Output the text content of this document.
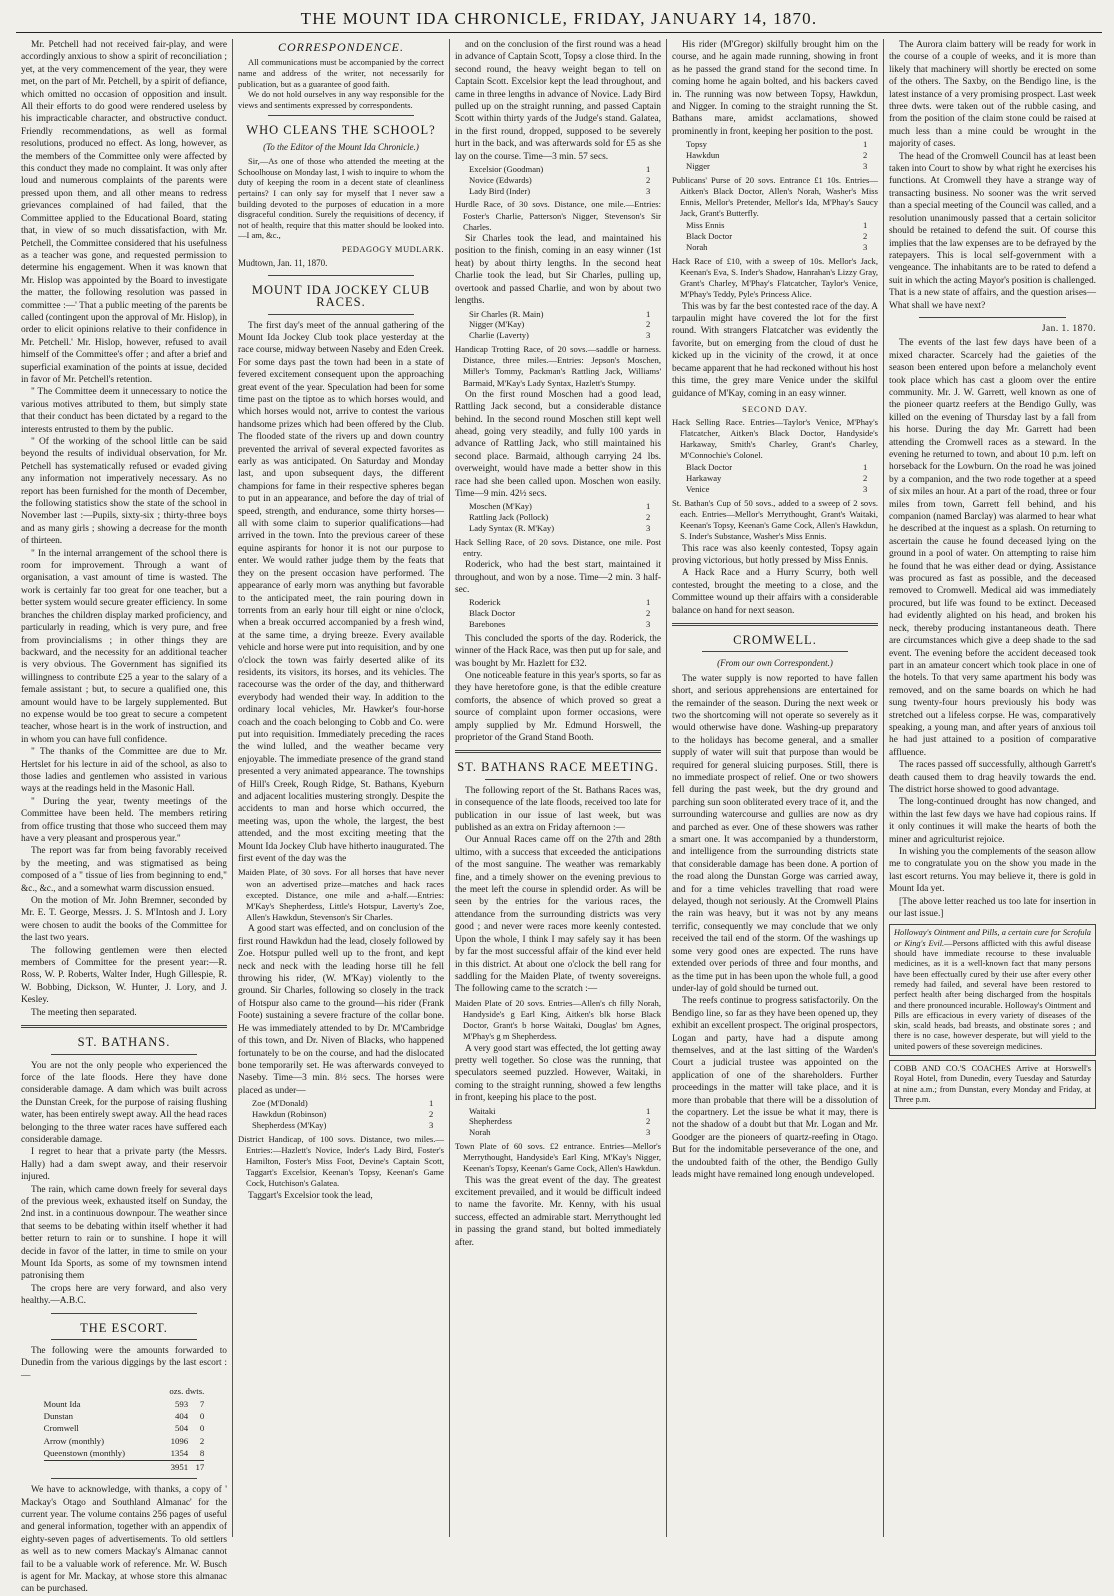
THE MOUNT IDA CHRONICLE, FRIDAY, JANUARY 14, 1870.

Mr. Petchell had not received fair-play, and were accordingly anxious to show a spirit of reconciliation ; yet, at the very commencement of the year, they were met, on the part of Mr. Petchell, by a spirit of defiance, which omitted no occasion of opposition and insult. All their efforts to do good were rendered useless by his impracticable character, and obstructive conduct. Friendly recommendations, as well as formal resolutions, produced no effect. As long, however, as the members of the Committee only were affected by this conduct they made no complaint. It was only after loud and numerous complaints of the parents were pressed upon them, and all other means to redress grievances complained of had failed, that the Committee applied to the Educational Board, stating that, in view of so much dissatisfaction, with Mr. Petchell, the Committee considered that his usefulness as a teacher was gone, and requested permission to determine his engagement. When it was known that Mr. Hislop was appointed by the Board to investigate the matter, the following resolution was passed in committee :—' That a public meeting of the parents be called (contingent upon the approval of Mr. Hislop), in order to elicit opinions relative to their confidence in Mr. Petchell.' Mr. Hislop, however, refused to avail himself of the Committee's offer ; and after a brief and superficial examination of the points at issue, decided in favor of Mr. Petchell's retention.

" The Committee deem it unnecessary to notice the various motives attributed to them, but simply state that their conduct has been dictated by a regard to the interests entrusted to them by the public.

" Of the working of the school little can be said beyond the results of individual observation, for Mr. Petchell has systematically refused or evaded giving any information not imperatively necessary. As no report has been furnished for the month of December, the following statistics show the state of the school in November last :—Pupils, sixty-six ; thirty-three boys and as many girls ; showing a decrease for the month of thirteen.

" In the internal arrangement of the school there is room for improvement. Through a want of organisation, a vast amount of time is wasted. The work is certainly far too great for one teacher, but a better system would secure greater efficiency. In some branches the children display marked proficiency, and particularly in reading, which is very pure, and free from provincialisms ; in other things they are backward, and the necessity for an additional teacher is very obvious. The Government has signified its willingness to contribute £25 a year to the salary of a female assistant ; but, to secure a qualified one, this amount would have to be largely supplemented. But no expense would be too great to secure a competent teacher, whose heart is in the work of instruction, and in whom you can have full confidence.

" The thanks of the Committee are due to Mr. Hertslet for his lecture in aid of the school, as also to those ladies and gentlemen who assisted in various ways at the readings held in the Masonic Hall.

" During the year, twenty meetings of the Committee have been held. The members retiring from office trusting that those who succeed them may have a very pleasant and prosperous year."

The report was far from being favorably received by the meeting, and was stigmatised as being composed of a " tissue of lies from beginning to end," &c., &c., and a somewhat warm discussion ensued.

On the motion of Mr. John Bremner, seconded by Mr. E. T. George, Messrs. J. S. M'Intosh and J. Lory were chosen to audit the books of the Committee for the last two years.

The following gentlemen were then elected members of Committee for the present year:—R. Ross, W. P. Roberts, Walter Inder, Hugh Gillespie, R. W. Bobbing, Dickson, W. Hunter, J. Lory, and J. Kesley.

The meeting then separated.

ST. BATHANS.

You are not the only people who experienced the force of the late floods. Here they have done considerable damage. A dam which was built across the Dunstan Creek, for the purpose of raising flushing water, has been entirely swept away. All the head races belonging to the three water races have suffered each considerable damage.

I regret to hear that a private party (the Messrs. Hally) had a dam swept away, and their reservoir injured.

The rain, which came down freely for several days of the previous week, exhausted itself on Sunday, the 2nd inst. in a continuous downpour. The weather since that seems to be debating within itself whether it had better return to rain or to sunshine. I hope it will decide in favor of the latter, in time to smile on your Mount Ida Sports, as some of my townsmen intend patronising them

The crops here are very forward, and also very healthy.—A.B.C.

THE ESCORT.

The following were the amounts forwarded to Dunedin from the various diggings by the last escort :—

	ozs. dwts.	
Mount Ida	593	7
Dunstan	404	0
Cromwell	504	0
Arrow (monthly)	1096	2
Queenstown (monthly)	1354	8
	3951	17

We have to acknowledge, with thanks, a copy of ' Mackay's Otago and Southland Almanac' for the current year. The volume contains 256 pages of useful and general information, together with an appendix of eighty-seven pages of advertisements. To old settlers as well as to new comers Mackay's Almanac cannot fail to be a valuable work of reference. Mr. W. Busch is agent for Mr. Mackay, at whose store this almanac can be purchased.

CORRESPONDENCE.

All communications must be accompanied by the correct name and address of the writer, not necessarily for publication, but as a guarantee of good faith.

We do not hold ourselves in any way responsible for the views and sentiments expressed by correspondents.

WHO CLEANS THE SCHOOL?
(To the Editor of the Mount Ida Chronicle.)

Sir,—As one of those who attended the meeting at the Schoolhouse on Monday last, I wish to inquire to whom the duty of keeping the room in a decent state of cleanliness pertains? I can only say for myself that I never saw a building devoted to the purposes of education in a more disgraceful condition. Surely the requisitions of decency, if not of health, require that this matter should be looked into.—I am, &c.,

PEDAGOGY MUDLARK.
Mudtown, Jan. 11, 1870.
MOUNT IDA JOCKEY CLUB RACES.

The first day's meet of the annual gathering of the Mount Ida Jockey Club took place yesterday at the race course, midway between Naseby and Eden Creek. For some days past the town had been in a state of fevered excitement consequent upon the approaching great event of the year. Speculation had been for some time past on the tiptoe as to which horses would, and which horses would not, arrive to contest the various handsome prizes which had been offered by the Club. The flooded state of the rivers up and down country prevented the arrival of several expected favorites as early as was anticipated. On Saturday and Monday last, and upon subsequent days, the different champions for fame in their respective spheres began to put in an appearance, and before the day of trial of speed, strength, and endurance, some thirty horses—all with some claim to superior qualifications—had arrived in the town. Into the previous career of these equine aspirants for honor it is not our purpose to enter. We would rather judge them by the feats that they on the present occasion have performed. The appearance of early morn was anything but favorable to the anticipated meet, the rain pouring down in torrents from an early hour till eight or nine o'clock, when a break occurred accompanied by a fresh wind, at the same time, a drying breeze. Every available vehicle and horse were put into requisition, and by one o'clock the town was fairly deserted alike of its residents, its visitors, its horses, and its vehicles. The racecourse was the order of the day, and thitherward everybody had wended their way. In addition to the ordinary local vehicles, Mr. Hawker's four-horse coach and the coach belonging to Cobb and Co. were put into requisition. Immediately preceding the races the wind lulled, and the weather became very enjoyable. The immediate presence of the grand stand presented a very animated appearance. The townships of Hill's Creek, Rough Ridge, St. Bathans, Kyeburn and adjacent localities mustering strongly. Despite the accidents to man and horse which occurred, the meeting was, upon the whole, the largest, the best attended, and the most exciting meeting that the Mount Ida Jockey Club have hitherto inaugurated. The first event of the day was the

Maiden Plate, of 30 sovs. For all horses that have never won an advertised prize—matches and hack races excepted. Distance, one mile and a-half.—Entries: M'Kay's Shepherdess, Little's Hotspur, Laverty's Zoe, Allen's Hawkdun, Stevenson's Sir Charles.

A good start was effected, and on conclusion of the first round Hawkdun had the lead, closely followed by Zoe. Hotspur pulled well up to the front, and kept neck and neck with the leading horse till he fell throwing his rider, (W. M'Kay) violently to the ground. Sir Charles, following so closely in the track of Hotspur also came to the ground—his rider (Frank Foote) sustaining a severe fracture of the collar bone. He was immediately attended to by Dr. M'Cambridge of this town, and Dr. Niven of Blacks, who happened fortunately to be on the course, and had the dislocated bone temporarily set. He was afterwards conveyed to Naseby. Time—3 min. 8½ secs. The horses were placed as under—

Zoe (M'Donald)	1
Hawkdun (Robinson)	2
Shepherdess (M'Kay)	3

District Handicap, of 100 sovs. Distance, two miles.—Entries:—Hazlett's Novice, Inder's Lady Bird, Foster's Hamilton, Foster's Miss Foot, Devine's Captain Scott, Taggart's Excelsior, Keenan's Topsy, Keenan's Game Cock, Hutchison's Galatea.

Taggart's Excelsior took the lead,

and on the conclusion of the first round was a head in advance of Captain Scott, Topsy a close third. In the second round, the heavy weight began to tell on Captain Scott. Excelsior kept the lead throughout, and came in three lengths in advance of Novice. Lady Bird pulled up on the straight running, and passed Captain Scott within thirty yards of the Judge's stand. Galatea, in the first round, dropped, supposed to be severely hurt in the back, and was afterwards sold for £5 as she lay on the course. Time—3 min. 57 secs.

Excelsior (Goodman)	1
Novice (Edwards)	2
Lady Bird (Inder)	3

Hurdle Race, of 30 sovs. Distance, one mile.—Entries: Foster's Charlie, Patterson's Nigger, Stevenson's Sir Charles.

Sir Charles took the lead, and maintained his position to the finish, coming in an easy winner (1st heat) by about thirty lengths. In the second heat Charlie took the lead, but Sir Charles, pulling up, overtook and passed Charlie, and won by about two lengths.

Sir Charles (R. Main)	1
Nigger (M'Kay)	2
Charlie (Laverty)	3

Handicap Trotting Race, of 20 sovs.—saddle or harness. Distance, three miles.—Entries: Jepson's Moschen, Miller's Tommy, Packman's Rattling Jack, Williams' Barmaid, M'Kay's Lady Syntax, Hazlett's Stumpy.

On the first round Moschen had a good lead, Rattling Jack second, but a considerable distance behind. In the second round Moschen still kept well ahead, going very steadily, and fully 100 yards in advance of Rattling Jack, who still maintained his second place. Barmaid, although carrying 24 lbs. overweight, would have made a better show in this race had she been called upon. Moschen won easily. Time—9 min. 42½ secs.

Moschen (M'Kay)	1
Rattling Jack (Pollock)	2
Lady Syntax (R. M'Kay)	3

Hack Selling Race, of 20 sovs. Distance, one mile. Post entry.

Roderick, who had the best start, maintained it throughout, and won by a nose. Time—2 min. 3 half-sec.

Roderick	1
Black Doctor	2
Barebones	3

This concluded the sports of the day. Roderick, the winner of the Hack Race, was then put up for sale, and was bought by Mr. Hazlett for £32.

One noticeable feature in this year's sports, so far as they have heretofore gone, is that the edible creature comforts, the absence of which proved so great a source of complaint upon former occasions, were amply supplied by Mr. Edmund Horswell, the proprietor of the Grand Stand Booth.

ST. BATHANS RACE MEETING.

The following report of the St. Bathans Races was, in consequence of the late floods, received too late for publication in our issue of last week, but was published as an extra on Friday afternoon :—

Our Annual Races came off on the 27th and 28th ultimo, with a success that exceeded the anticipations of the most sanguine. The weather was remarkably fine, and a timely shower on the evening previous to the meet left the course in splendid order. As will be seen by the entries for the various races, the attendance from the surrounding districts was very good ; and never were races more keenly contested. Upon the whole, I think I may safely say it has been by far the most successful affair of the kind ever held in this district. At about one o'clock the bell rang for saddling for the Maiden Plate, of twenty sovereigns. The following came to the scratch :—

Maiden Plate of 20 sovs. Entries—Allen's ch filly Norah, Handyside's g Earl King, Aitken's blk horse Black Doctor, Grant's b horse Waitaki, Douglas' bm Agnes, M'Phay's g m Shepherdess.

A very good start was effected, the lot getting away pretty well together. So close was the running, that speculators seemed puzzled. However, Waitaki, in coming to the straight running, showed a few lengths in front, keeping his place to the post.

Waitaki	1
Shepherdess	2
Norah	3

Town Plate of 60 sovs. £2 entrance. Entries—Mellor's Merrythought, Handyside's Earl King, M'Kay's Nigger, Keenan's Topsy, Keenan's Game Cock, Allen's Hawkdun.

This was the great event of the day. The greatest excitement prevailed, and it would be difficult indeed to name the favorite. Mr. Kenny, with his usual success, effected an admirable start. Merrythought led in passing the grand stand, but bolted immediately after.

His rider (M'Gregor) skilfully brought him on the course, and he again made running, showing in front as he passed the grand stand for the second time. In coming home he again bolted, and his backers caved in. The running was now between Topsy, Hawkdun, and Nigger. In coming to the straight running the St. Bathans mare, amidst acclamations, showed prominently in front, keeping her position to the post.

Topsy	1
Hawkdun	2
Nigger	3

Publicans' Purse of 20 sovs. Entrance £1 10s. Entries—Aitken's Black Doctor, Allen's Norah, Washer's Miss Ennis, Mellor's Pretender, Mellor's Ida, M'Phay's Saucy Jack, Grant's Butterfly.

Miss Ennis	1
Black Doctor	2
Norah	3

Hack Race of £10, with a sweep of 10s. Mellor's Jack, Keenan's Eva, S. Inder's Shadow, Hanrahan's Lizzy Gray, Grant's Charley, M'Phay's Flatcatcher, Taylor's Venice, M'Phay's Teddy, Pyle's Princess Alice.

This was by far the best contested race of the day. A tarpaulin might have covered the lot for the first round. With strangers Flatcatcher was evidently the favorite, but on emerging from the cloud of dust he kicked up in the vicinity of the crowd, it at once became apparent that he had reckoned without his host this time, the grey mare Venice under the skilful guidance of M'Kay, coming in an easy winner.

SECOND DAY.

Hack Selling Race. Entries—Taylor's Venice, M'Phay's Flatcatcher, Aitken's Black Doctor, Handyside's Harkaway, Smith's Charley, Grant's Charley, M'Connochie's Colonel.

Black Doctor	1
Harkaway	2
Venice	3

St. Bathan's Cup of 50 sovs., added to a sweep of 2 sovs. each. Entries—Mellor's Merrythought, Grant's Waitaki, Keenan's Topsy, Keenan's Game Cock, Allen's Hawkdun, S. Inder's Substance, Washer's Miss Ennis.

This race was also keenly contested, Topsy again proving victorious, but hotly pressed by Miss Ennis.

A Hack Race and a Hurry Scurry, both well contested, brought the meeting to a close, and the Committee wound up their affairs with a considerable balance on hand for next season.

CROMWELL.
(From our own Correspondent.)

The water supply is now reported to have fallen short, and serious apprehensions are entertained for the remainder of the season. During the next week or two the shortcoming will not operate so severely as it would otherwise have done. Washing-up preparatory to the holidays has become general, and a smaller supply of water will suit that purpose than would be required for general sluicing purposes. Still, there is no immediate prospect of relief. One or two showers fell during the past week, but the dry ground and parching sun soon obliterated every trace of it, and the surrounding watercourse and gullies are now as dry and parched as ever. One of these showers was rather a smart one. It was accompanied by a thunderstorm, and intelligence from the surrounding districts state that considerable damage has been done. A portion of the road along the Dunstan Gorge was carried away, and for a time vehicles travelling that road were delayed, though not seriously. At the Cromwell Plains the rain was heavy, but it was not by any means terrific, consequently we may conclude that we only received the tail end of the storm. Of the washings up some very good ones are expected. The runs have extended over periods of three and four months, and as the time put in has been upon the whole full, a good under-lay of gold should be turned out.

The reefs continue to progress satisfactorily. On the Bendigo line, so far as they have been opened up, they exhibit an excellent prospect. The original prospectors, Logan and party, have had a dispute among themselves, and at the last sitting of the Warden's Court a judicial trustee was appointed on the application of one of the shareholders. Further proceedings in the matter will take place, and it is more than probable that there will be a dissolution of the copartnery. Let the issue be what it may, there is not the shadow of a doubt but that Mr. Logan and Mr. Goodger are the pioneers of quartz-reefing in Otago. But for the indomitable perseverance of the one, and the undoubted faith of the other, the Bendigo Gully leads might have remained long enough undeveloped.

The Aurora claim battery will be ready for work in the course of a couple of weeks, and it is more than likely that machinery will shortly be erected on some of the others. The Saxby, on the Bendigo line, is the latest instance of a very promising prospect. Last week three dwts. were taken out of the rubble casing, and from the position of the claim stone could be raised at much less than a mine could be wrought in the majority of cases.

The head of the Cromwell Council has at least been taken into Court to show by what right he exercises his functions. At Cromwell they have a strange way of transacting business. No sooner was the writ served than a special meeting of the Council was called, and a resolution unanimously passed that a certain solicitor should be retained to defend the suit. Of course this implies that the law expenses are to be defrayed by the ratepayers. This is local self-government with a vengeance. The inhabitants are to be rated to defend a suit in which the acting Mayor's position is challenged. That is a new state of affairs, and the question arises—What shall we have next?

Jan. 1. 1870.

The events of the last few days have been of a mixed character. Scarcely had the gaieties of the season been entered upon before a melancholy event took place which has cast a gloom over the entire community. Mr. J. W. Garrett, well known as one of the pioneer quartz reefers at the Bendigo Gully, was killed on the evening of Thursday last by a fall from his horse. During the day Mr. Garrett had been attending the Cromwell races as a steward. In the evening he returned to town, and about 10 p.m. left on horseback for the Lowburn. On the road he was joined by a companion, and the two rode together at a speed of six miles an hour. At a part of the road, three or four miles from town, Garrett fell behind, and his companion (named Barclay) was alarmed to hear what he described at the inquest as a splash. On returning to ascertain the cause he found deceased lying on the ground in a pool of water. On attempting to raise him he found that he was either dead or dying. Assistance was procured as fast as possible, and the deceased removed to Cromwell. Medical aid was immediately procured, but life was found to be extinct. Deceased had evidently alighted on his head, and broken his neck, thereby producing instantaneous death. There are circumstances which give a deep shade to the sad event. The evening before the accident deceased took part in an amateur concert which took place in one of the hotels. To that very same apartment his body was removed, and on the same boards on which he had sung twenty-four hours previously his body was stretched out a lifeless corpse. He was, comparatively speaking, a young man, and after years of anxious toil he had just attained to a position of comparative affluence.

The races passed off successfully, although Garrett's death caused them to drag heavily towards the end. The district horse showed to good advantage.

The long-continued drought has now changed, and within the last few days we have had copious rains. If it only continues it will make the hearts of both the miner and agriculturist rejoice.

In wishing you the complements of the season allow me to congratulate you on the show you made in the last escort returns. You may believe it, there is gold in Mount Ida yet.

[The above letter reached us too late for insertion in our last issue.]

Holloway's Ointment and Pills, a certain cure for Scrofula or King's Evil.—Persons afflicted with this awful disease should have immediate recourse to these invaluable medicines, as it is a well-known fact that many persons have been effectually cured by their use after every other remedy had failed, and several have been restored to perfect health after being discharged from the hospitals and there pronounced incurable. Holloway's Ointment and Pills are efficacious in every variety of diseases of the skin, scald heads, bad breasts, and obstinate sores ; and there is no case, however desperate, but will yield to the united powers of these sovereign medicines.
COBB AND CO.'S COACHES Arrive at Horswell's Royal Hotel, from Dunedin, every Tuesday and Saturday at nine a.m.; from Dunstan, every Monday and Friday, at Three p.m.
